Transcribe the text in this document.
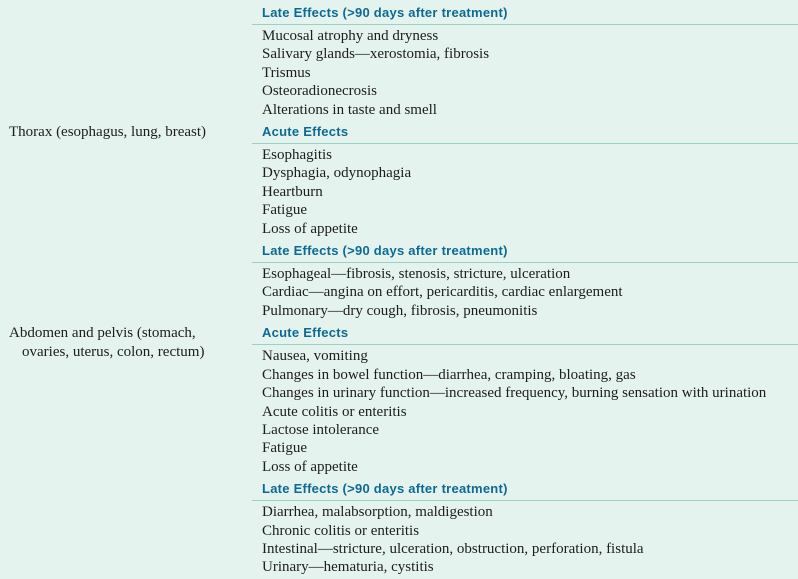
Late Effects (>90 days after treatment)
Mucosal atrophy and dryness
Salivary glands—xerostomia, fibrosis
Trismus
Osteoradionecrosis
Alterations in taste and smell
Thorax (esophagus, lung, breast)	Acute Effects
Esophagitis
Dysphagia, odynophagia
Heartburn
Fatigue
Loss of appetite
Late Effects (>90 days after treatment)
Esophageal—fibrosis, stenosis, stricture, ulceration
Cardiac—angina on effort, pericarditis, cardiac enlargement
Pulmonary—dry cough, fibrosis, pneumonitis
Abdomen and pelvis (stomach,
ovaries, uterus, colon, rectum)
Acute Effects
Nausea, vomiting
Changes in bowel function—diarrhea, cramping, bloating, gas
Changes in urinary function—increased frequency, burning sensation with urination
Acute colitis or enteritis
Lactose intolerance
Fatigue
Loss of appetite
Late Effects (>90 days after treatment)
Diarrhea, malabsorption, maldigestion
Chronic colitis or enteritis
Intestinal—stricture, ulceration, obstruction, perforation, fistula
Urinary—hematuria, cystitis
